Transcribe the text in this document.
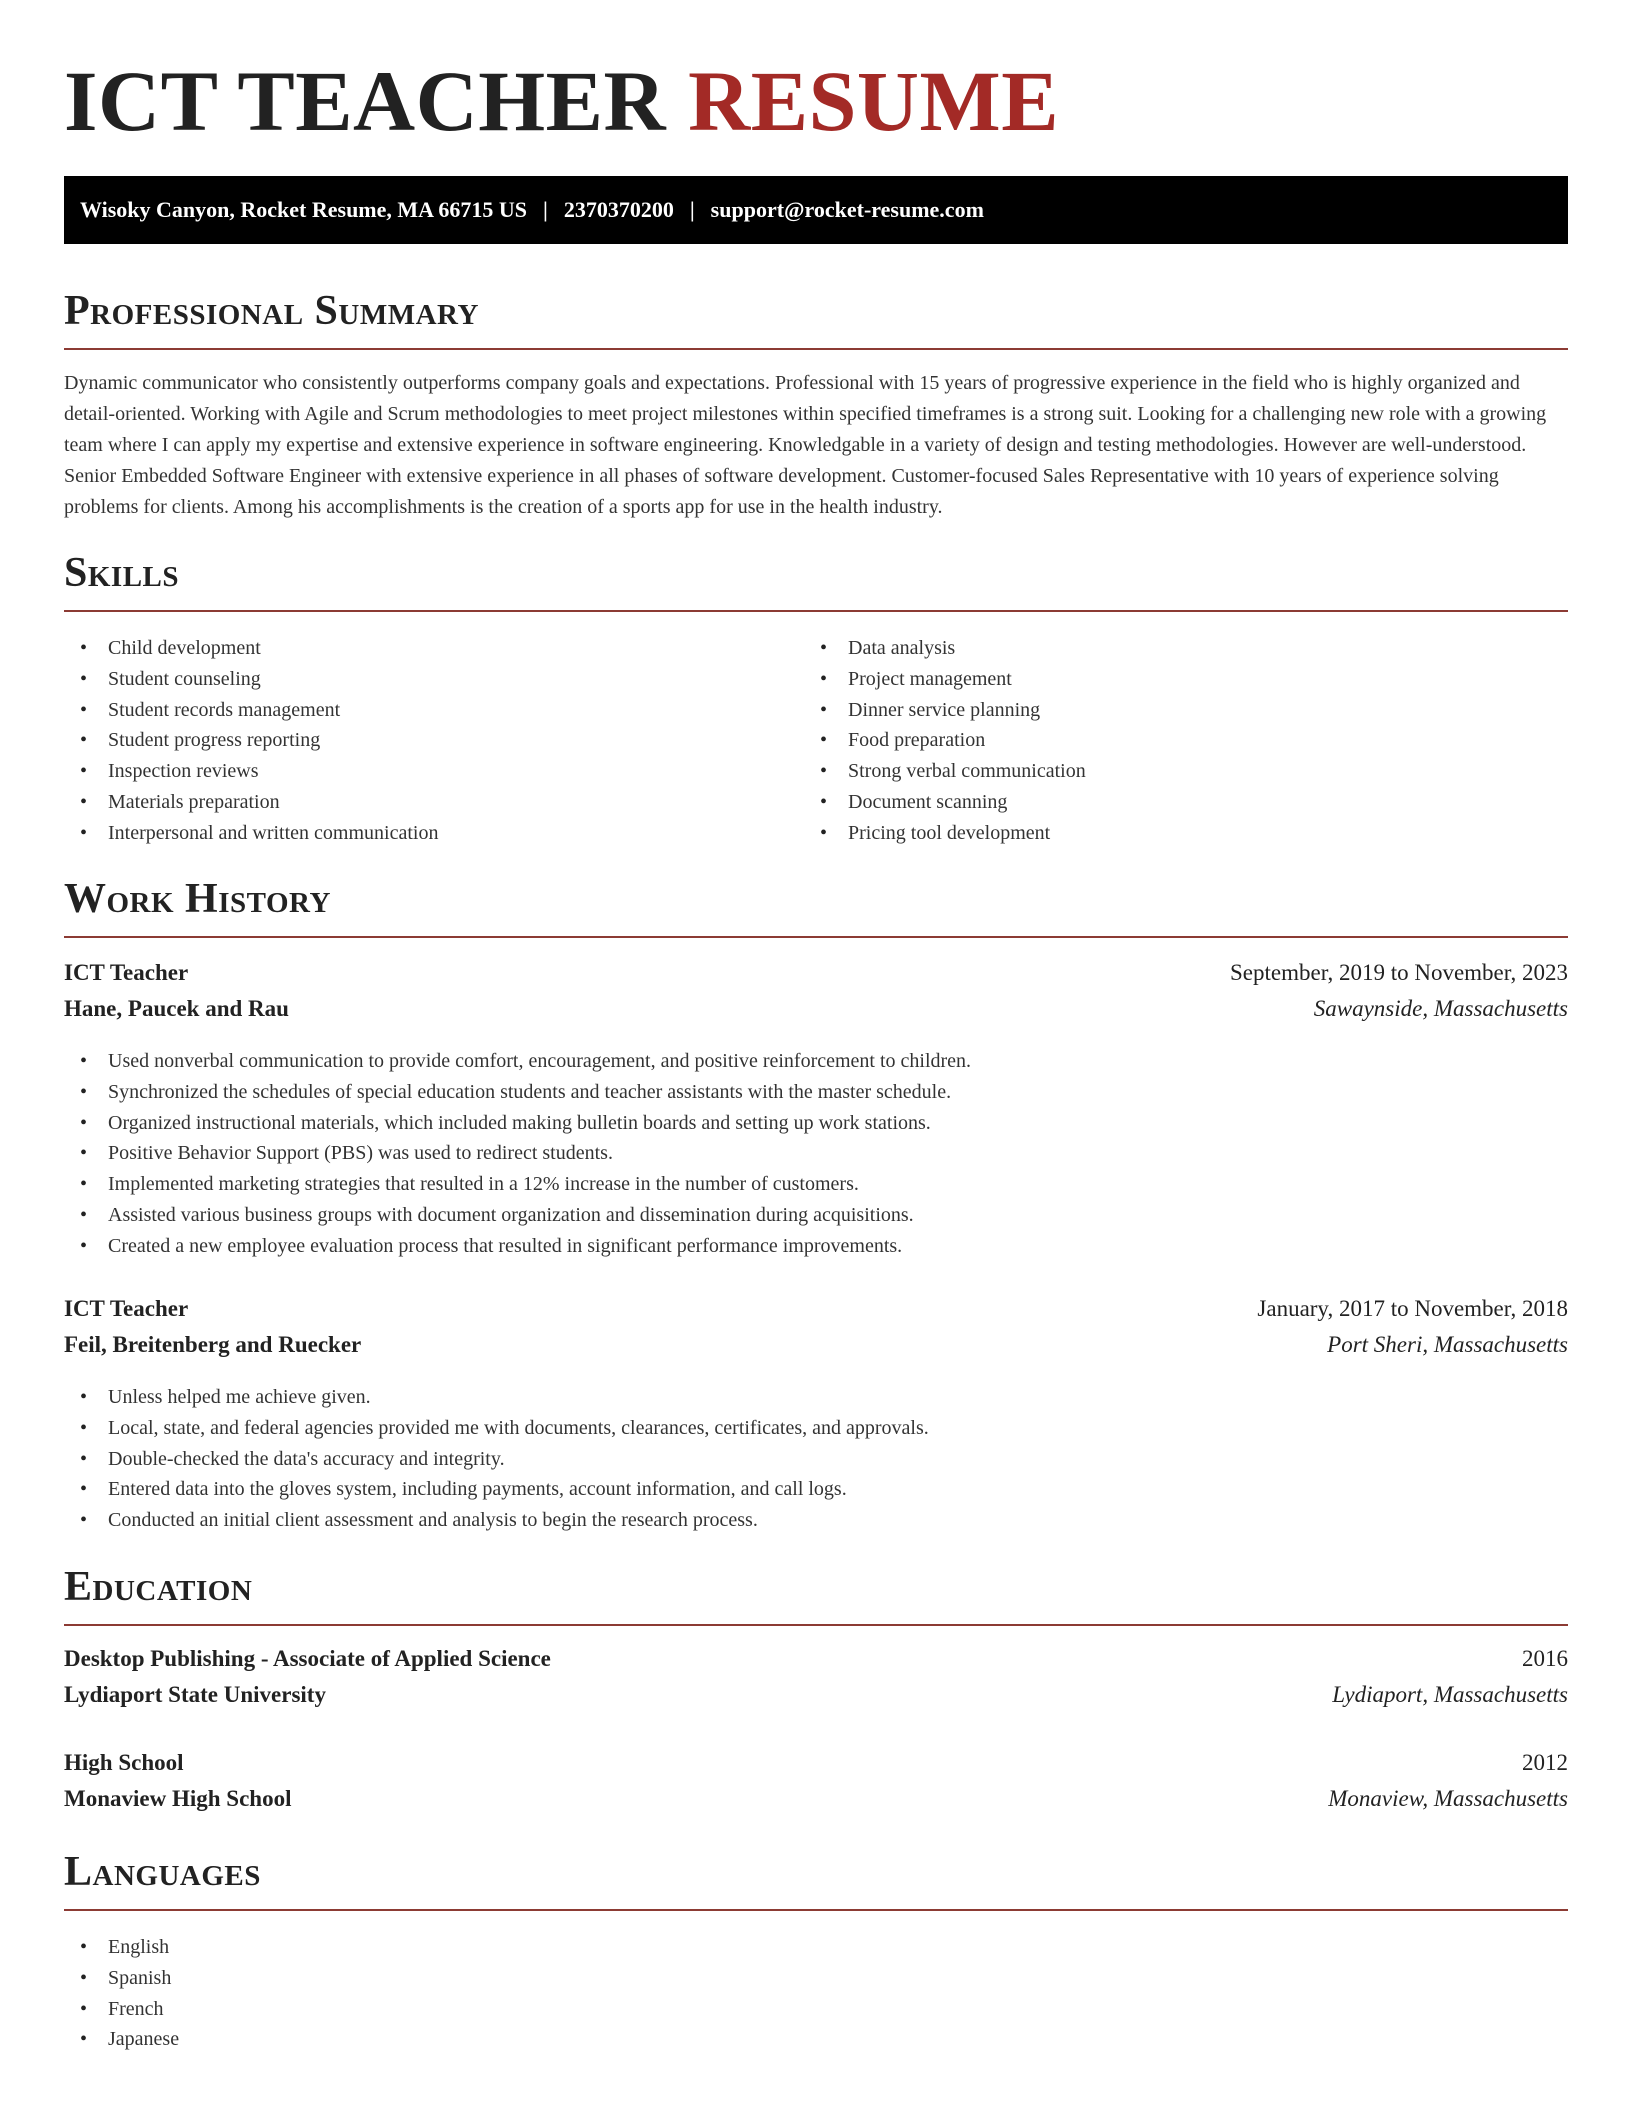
ICT TEACHER RESUME
Wisoky Canyon, Rocket Resume, MA 66715 US | 2370370200 | support@rocket-resume.com
Professional Summary

Dynamic communicator who consistently outperforms company goals and expectations. Professional with 15 years of progressive experience in the field who is highly organized and detail-oriented. Working with Agile and Scrum methodologies to meet project milestones within specified timeframes is a strong suit. Looking for a challenging new role with a growing team where I can apply my expertise and extensive experience in software engineering. Knowledgable in a variety of design and testing methodologies. However are well-understood. Senior Embedded Software Engineer with extensive experience in all phases of software development. Customer-focused Sales Representative with 10 years of experience solving problems for clients. Among his accomplishments is the creation of a sports app for use in the health industry.

Skills
• Child development
• Student counseling
• Student records management
• Student progress reporting
• Inspection reviews
• Materials preparation
• Interpersonal and written communication
• Data analysis
• Project management
• Dinner service planning
• Food preparation
• Strong verbal communication
• Document scanning
• Pricing tool development
Work History
ICT Teacher	September, 2019 to November, 2023
Hane, Paucek and Rau	Sawaynside, Massachusetts
• Used nonverbal communication to provide comfort, encouragement, and positive reinforcement to children.
• Synchronized the schedules of special education students and teacher assistants with the master schedule.
• Organized instructional materials, which included making bulletin boards and setting up work stations.
• Positive Behavior Support (PBS) was used to redirect students.
• Implemented marketing strategies that resulted in a 12% increase in the number of customers.
• Assisted various business groups with document organization and dissemination during acquisitions.
• Created a new employee evaluation process that resulted in significant performance improvements.
ICT Teacher	January, 2017 to November, 2018
Feil, Breitenberg and Ruecker	Port Sheri, Massachusetts
• Unless helped me achieve given.
• Local, state, and federal agencies provided me with documents, clearances, certificates, and approvals.
• Double-checked the data's accuracy and integrity.
• Entered data into the gloves system, including payments, account information, and call logs.
• Conducted an initial client assessment and analysis to begin the research process.
Education
Desktop Publishing - Associate of Applied Science	2016
Lydiaport State University	Lydiaport, Massachusetts
High School	2012
Monaview High School	Monaview, Massachusetts
Languages
• English
• Spanish
• French
• Japanese
